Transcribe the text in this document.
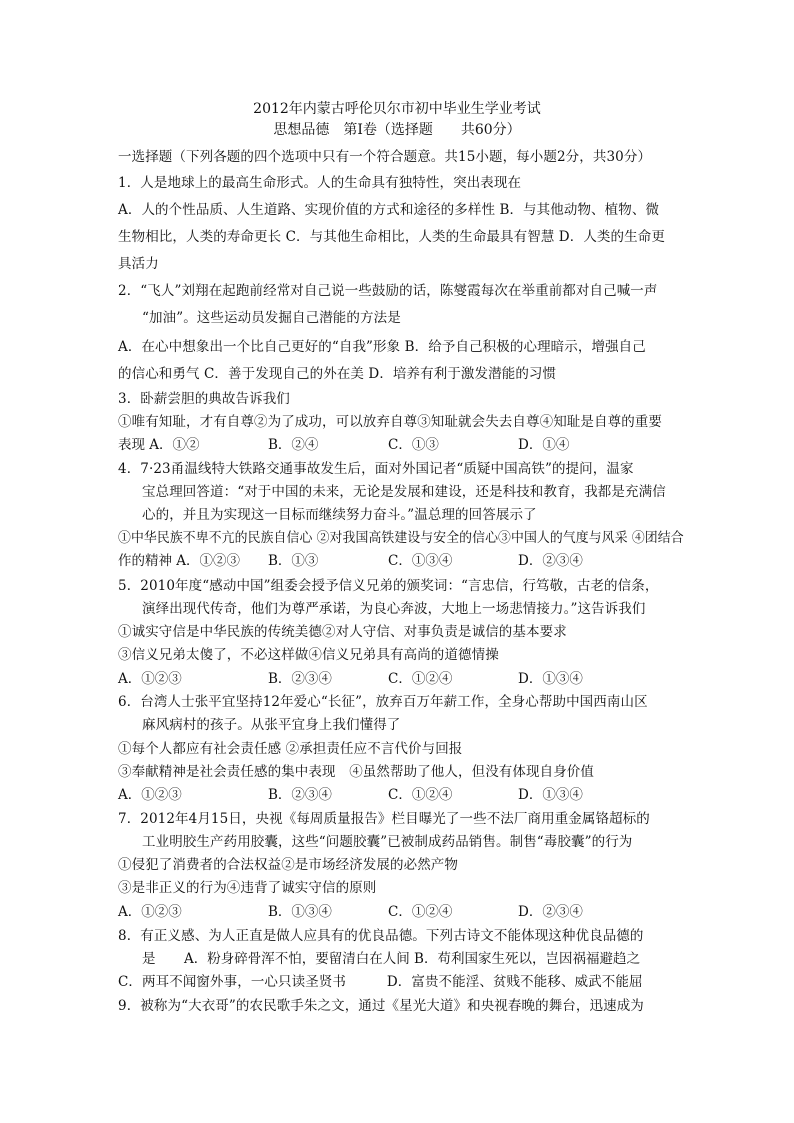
2012年内蒙古呼伦贝尔市初中毕业生学业考试
思想品德　第Ⅰ卷（选择题　　共60分）
一选择题（下列各题的四个选项中只有一个符合题意。共15小题，每小题2分，共30分）
1．人是地球上的最高生命形式。人的生命具有独特性，突出表现在
A．人的个性品质、人生道路、实现价值的方式和途径的多样性 B．与其他动物、植物、微
生物相比，人类的寿命更长 C．与其他生命相比，人类的生命最具有智慧 D．人类的生命更
具活力
2．“飞人”刘翔在起跑前经常对自己说一些鼓励的话，陈燮霞每次在举重前都对自己喊一声
“加油”。这些运动员发掘自己潜能的方法是
A．在心中想象出一个比自己更好的“自我”形象 B．给予自己积极的心理暗示，增强自己
的信心和勇气 C．善于发现自己的外在美 D．培养有利于激发潜能的习惯
3．卧薪尝胆的典故告诉我们
①唯有知耻，才有自尊②为了成功，可以放弃自尊③知耻就会失去自尊④知耻是自尊的重要
表现 A．①②	B．②④	C．①③	D．①④
4．7·23甬温线特大铁路交通事故发生后，面对外国记者“质疑中国高铁”的提问，温家
宝总理回答道：“对于中国的未来，无论是发展和建设，还是科技和教育，我都是充满信
心的，并且为实现这一目标而继续努力奋斗。”温总理的回答展示了
①中华民族不卑不亢的民族自信心 ②对我国高铁建设与安全的信心③中国人的气度与风采 ④团结合
作的精神 A．①②③ B．①③	C．①③④	D．②③④
5．2010年度“感动中国”组委会授予信义兄弟的颁奖词：“言忠信，行笃敬，古老的信条，
演绎出现代传奇，他们为尊严承诺，为良心奔波，大地上一场悲情接力。”这告诉我们
①诚实守信是中华民族的传统美德②对人守信、对事负责是诚信的基本要求
③信义兄弟太傻了，不必这样做④信义兄弟具有高尚的道德情操
A．①②③	B．②③④	C．①②④	D．①③④
6．台湾人士张平宜坚持12年爱心“长征”，放弃百万年薪工作，全身心帮助中国西南山区
麻风病村的孩子。从张平宜身上我们懂得了
①每个人都应有社会责任感 ②承担责任应不言代价与回报
③奉献精神是社会责任感的集中表现　④虽然帮助了他人，但没有体现自身价值
A．①②③	B．②③④	C．①②④	D．①③④
7．2012年4月15日，央视《每周质量报告》栏目曝光了一些不法厂商用重金属铬超标的
工业明胶生产药用胶囊，这些“问题胶囊”已被制成药品销售。制售“毒胶囊”的行为
①侵犯了消费者的合法权益②是市场经济发展的必然产物
③是非正义的行为④违背了诚实守信的原则
A．①②③	B．①③④	C．①②④	D．②③④
8．有正义感、为人正直是做人应具有的优良品德。下列古诗文不能体现这种优良品德的
是 A．粉身碎骨浑不怕，要留清白在人间 B．苟利国家生死以，岂因祸福避趋之
C．两耳不闻窗外事，一心只读圣贤书　　　D．富贵不能淫、贫贱不能移、威武不能屈
9．被称为“大衣哥”的农民歌手朱之文，通过《星光大道》和央视春晚的舞台，迅速成为
